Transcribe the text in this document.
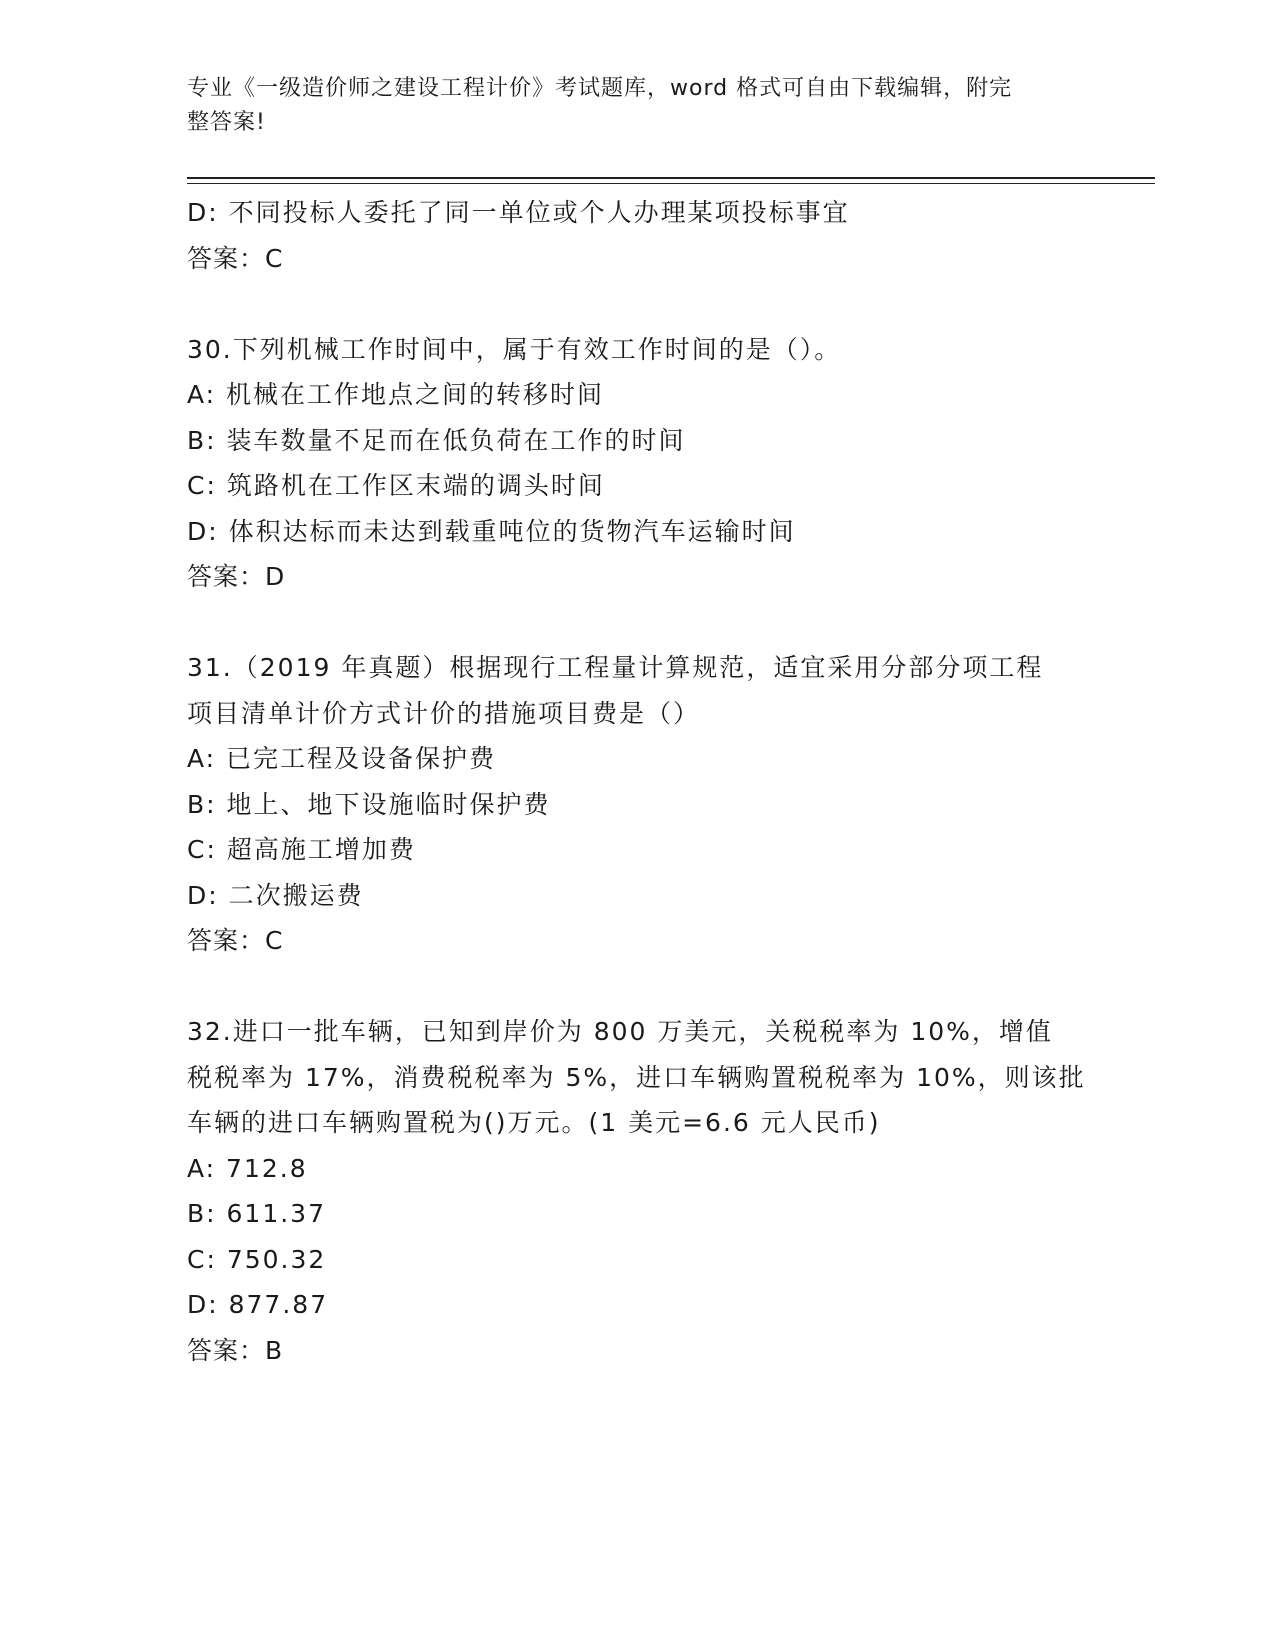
专业《一级造价师之建设工程计价》考试题库，word 格式可自由下载编辑，附完
整答案!
D: 不同投标人委托了同一单位或个人办理某项投标事宜
答案：C
30.下列机械工作时间中，属于有效工作时间的是（）。
A: 机械在工作地点之间的转移时间
B: 装车数量不足而在低负荷在工作的时间
C: 筑路机在工作区末端的调头时间
D: 体积达标而未达到载重吨位的货物汽车运输时间
答案：D
31.（2019 年真题）根据现行工程量计算规范，适宜采用分部分项工程
项目清单计价方式计价的措施项目费是（）
A: 已完工程及设备保护费
B: 地上、地下设施临时保护费
C: 超高施工增加费
D: 二次搬运费
答案：C
32.进口一批车辆，已知到岸价为 800 万美元，关税税率为 10%，增值
税税率为 17%，消费税税率为 5%，进口车辆购置税税率为 10%，则该批
车辆的进口车辆购置税为()万元。(1 美元=6.6 元人民币)
A: 712.8
B: 611.37
C: 750.32
D: 877.87
答案：B
